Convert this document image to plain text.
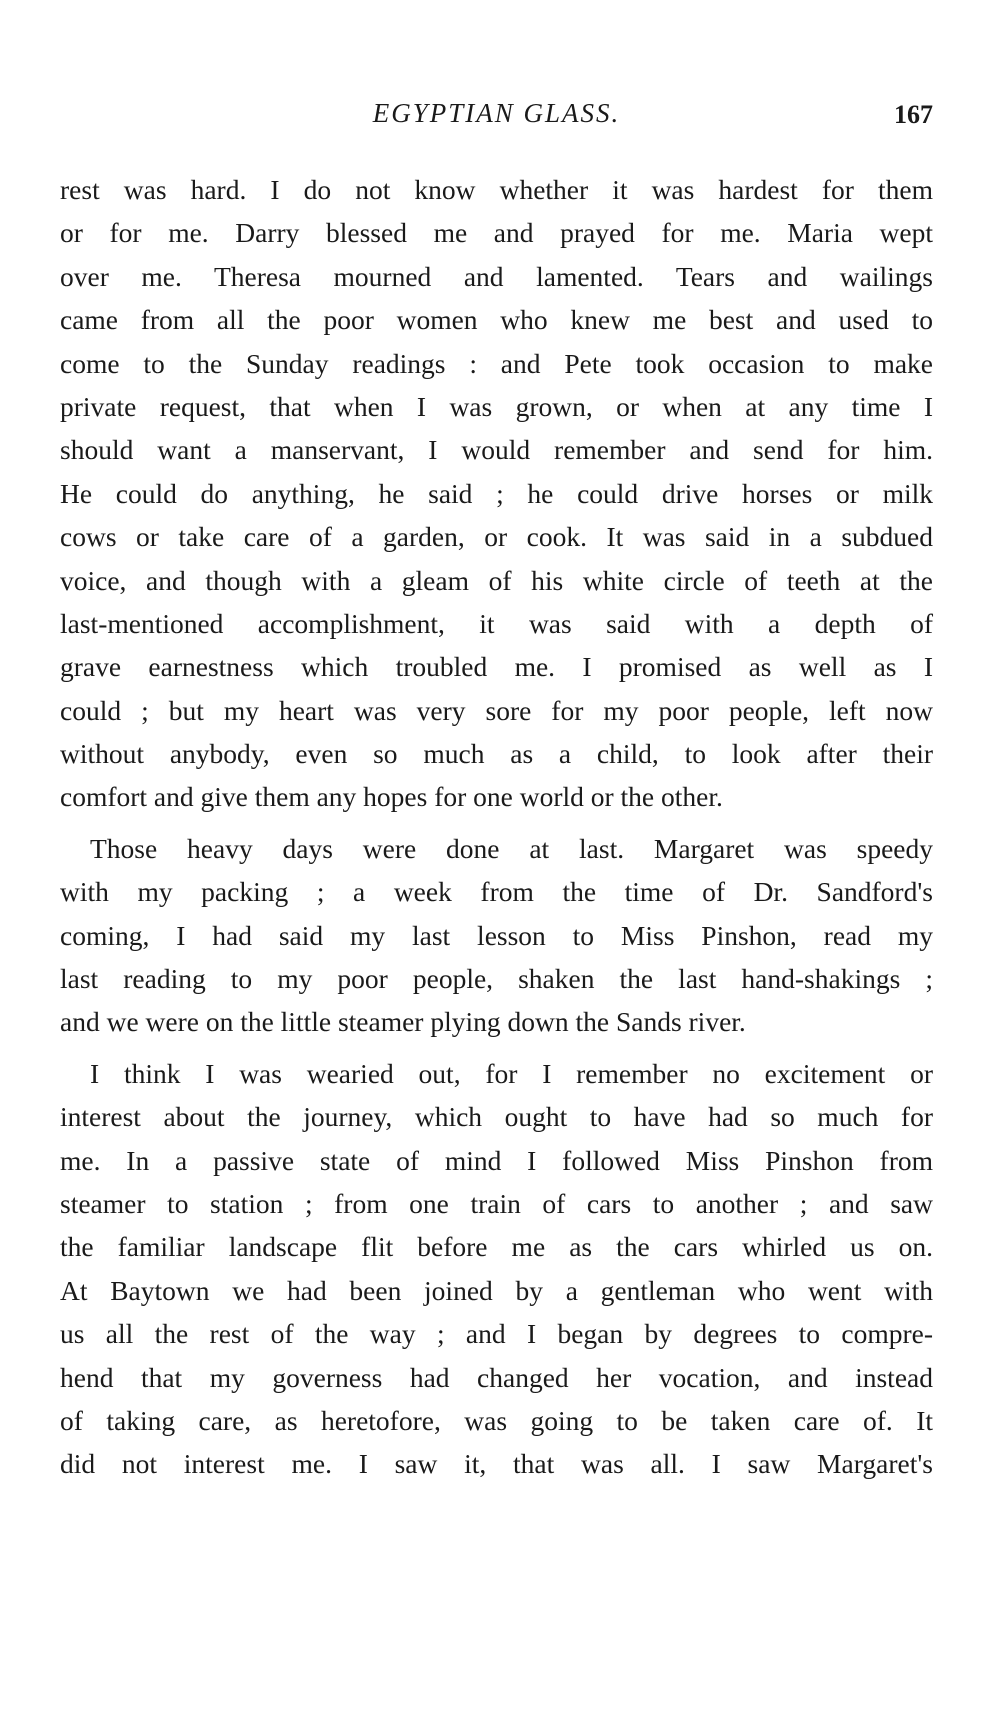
EGYPTIAN GLASS.	167
rest was hard. I do not know whether it was hardest for them
or for me. Darry blessed me and prayed for me. Maria wept
over me. Theresa mourned and lamented. Tears and wailings
came from all the poor women who knew me best and used to
come to the Sunday readings : and Pete took occasion to make
private request, that when I was grown, or when at any time I
should want a manservant, I would remember and send for him.
He could do anything, he said ; he could drive horses or milk
cows or take care of a garden, or cook. It was said in a subdued
voice, and though with a gleam of his white circle of teeth at the
last-mentioned accomplishment, it was said with a depth of
grave earnestness which troubled me. I promised as well as I
could ; but my heart was very sore for my poor people, left now
without anybody, even so much as a child, to look after their
comfort and give them any hopes for one world or the other.
Those heavy days were done at last. Margaret was speedy
with my packing ; a week from the time of Dr. Sandford's
coming, I had said my last lesson to Miss Pinshon, read my
last reading to my poor people, shaken the last hand-shakings ;
and we were on the little steamer plying down the Sands river.
I think I was wearied out, for I remember no excitement or
interest about the journey, which ought to have had so much for
me. In a passive state of mind I followed Miss Pinshon from
steamer to station ; from one train of cars to another ; and saw
the familiar landscape flit before me as the cars whirled us on.
At Baytown we had been joined by a gentleman who went with
us all the rest of the way ; and I began by degrees to compre-
hend that my governess had changed her vocation, and instead
of taking care, as heretofore, was going to be taken care of. It
did not interest me. I saw it, that was all. I saw Margaret's
